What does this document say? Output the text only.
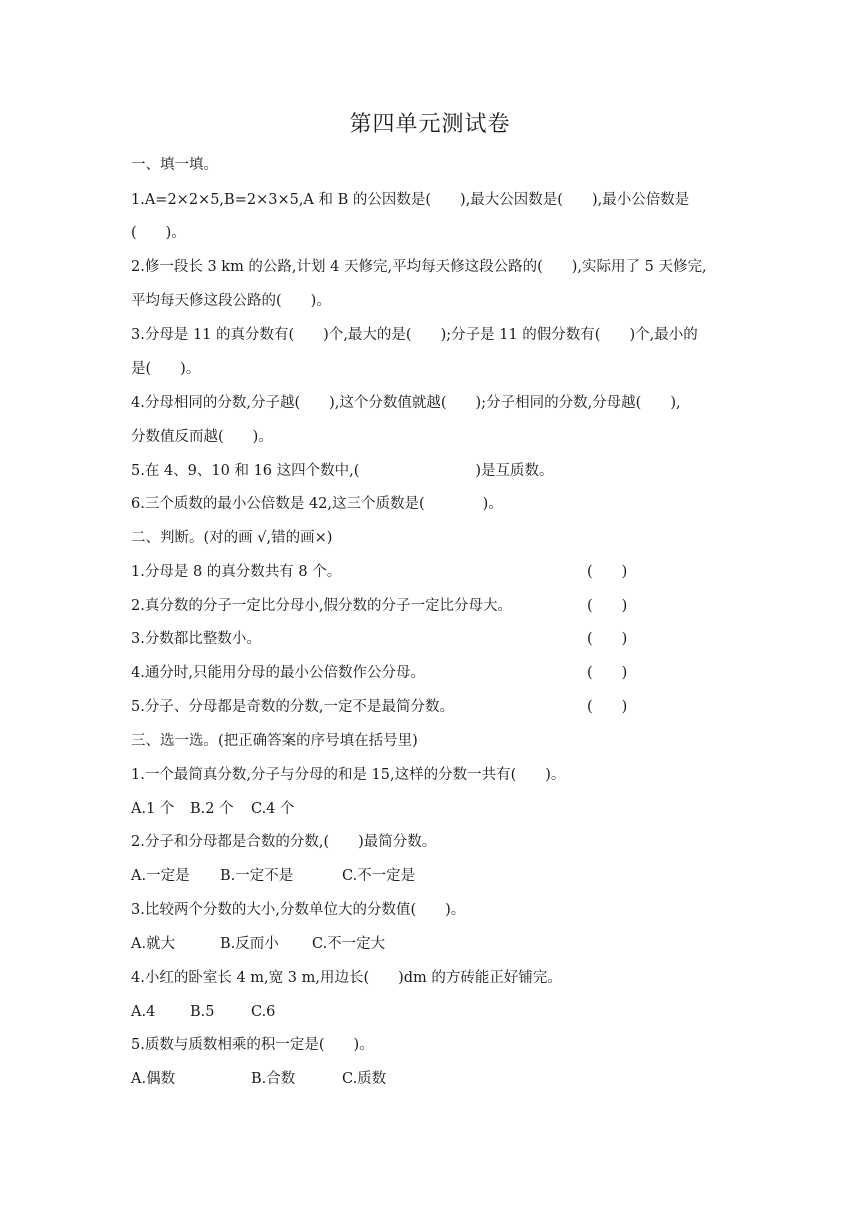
第四单元测试卷
一、填一填。
1.A=2×2×5,B=2×3×5,A 和 B 的公因数是(　　),最大公因数是(　　),最小公倍数是
(　　)。
2.修一段长 3 km 的公路,计划 4 天修完,平均每天修这段公路的(　　),实际用了 5 天修完,
平均每天修这段公路的(　　)。
3.分母是 11 的真分数有(　　)个,最大的是(　　);分子是 11 的假分数有(　　)个,最小的
是(　　)。
4.分母相同的分数,分子越(　　),这个分数值就越(　　);分子相同的分数,分母越(　　),
分数值反而越(　　)。
5.在 4、9、10 和 16 这四个数中,(　　　　　　　　)是互质数。
6.三个质数的最小公倍数是 42,这三个质数是(　　　　)。
二、判断。(对的画 √,错的画×)
1.分母是 8 的真分数共有 8 个。	(　　)
2.真分数的分子一定比分母小,假分数的分子一定比分母大。	(　　)
3.分数都比整数小。	(　　)
4.通分时,只能用分母的最小公倍数作公分母。	(　　)
5.分子、分母都是奇数的分数,一定不是最简分数。	(　　)
三、选一选。(把正确答案的序号填在括号里)
1.一个最简真分数,分子与分母的和是 15,这样的分数一共有(　　)。
A.1 个 B.2 个 C.4 个
2.分子和分母都是合数的分数,(　　)最简分数。
A.一定是 B.一定不是	C.不一定是
3.比较两个分数的大小,分数单位大的分数值(　　)。
A.就大	B.反而小 C.不一定大
4.小红的卧室长 4 m,宽 3 m,用边长(　　)dm 的方砖能正好铺完。
A.4 B.5	C.6
5.质数与质数相乘的积一定是(　　)。
A.偶数	B.合数	C.质数
